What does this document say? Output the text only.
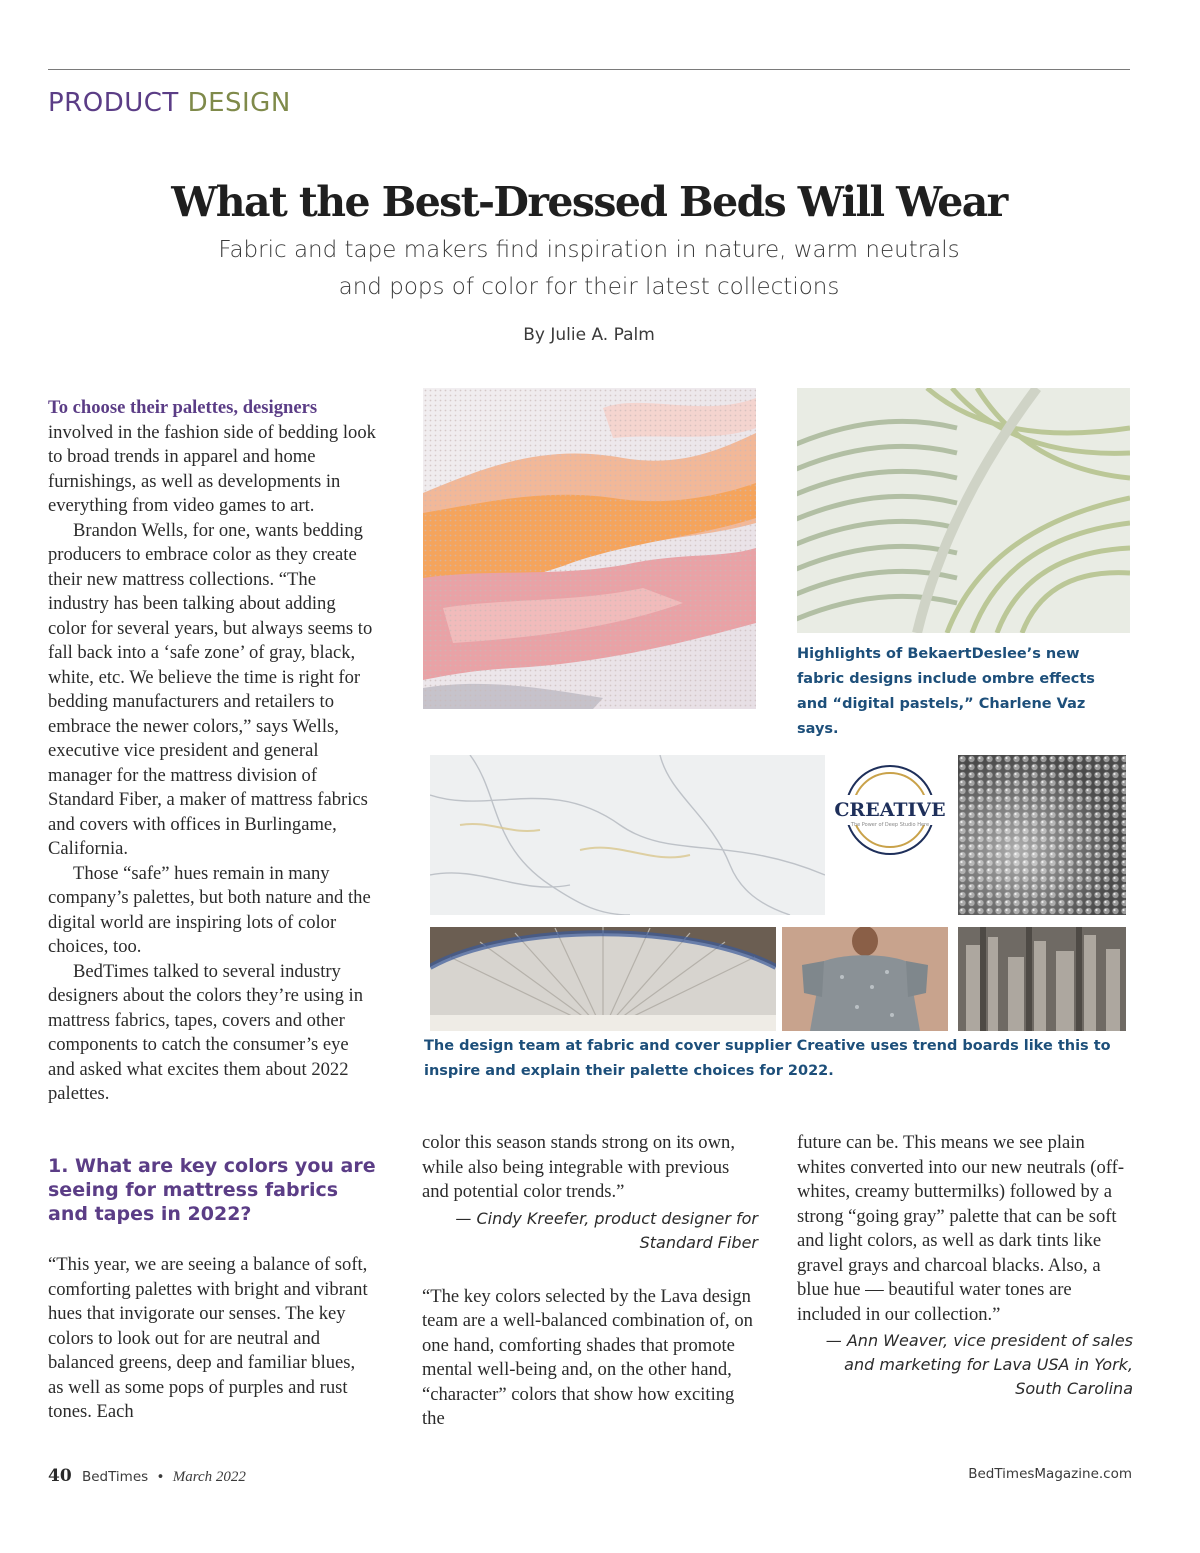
PRODUCT DESIGN
What the Best-Dressed Beds Will Wear
Fabric and tape makers find inspiration in nature, warm neutrals and pops of color for their latest collections
By Julie A. Palm

To choose their palettes, designers involved in the fashion side of bedding look to broad trends in apparel and home furnishings, as well as developments in everything from video games to art.

Brandon Wells, for one, wants bedding producers to embrace color as they create their new mattress collections. “The industry has been talking about adding color for several years, but always seems to fall back into a ‘safe zone’ of gray, black, white, etc. We believe the time is right for bedding manufacturers and retailers to embrace the newer colors,” says Wells, executive vice president and general manager for the mattress division of Standard Fiber, a maker of mattress fabrics and covers with offices in Burlingame, California.

Those “safe” hues remain in many company’s palettes, but both nature and the digital world are inspiring lots of color choices, too.

BedTimes talked to several industry designers about the colors they’re using in mattress fabrics, tapes, covers and other components to catch the consumer’s eye and asked what excites them about 2022 palettes.

1. What are key colors you are seeing for mattress fabrics and tapes in 2022?

“This year, we are seeing a balance of soft, comforting palettes with bright and vibrant hues that invigorate our senses. The key colors to look out for are neutral and balanced greens, deep and familiar blues, as well as some pops of purples and rust tones. Each

color this season stands strong on its own, while also being integrable with previous and potential color trends.”

— Cindy Kreefer, product designer for Standard Fiber

“The key colors selected by the Lava design team are a well-balanced combination of, on one hand, comforting shades that promote mental well-being and, on the other hand, “character” colors that show how exciting the

future can be. This means we see plain whites converted into our new neutrals (off-whites, creamy buttermilks) followed by a strong “going gray” palette that can be soft and light colors, as well as dark tints like gravel grays and charcoal blacks. Also, a blue hue — beautiful water tones are included in our collection.”

— Ann Weaver, vice president of sales and marketing for Lava USA in York, South Carolina
Highlights of BekaertDeslee’s new fabric designs include ombre effects and “digital pastels,” Charlene Vaz says.
CREATIVE
The Power of Deep Studio Here
The design team at fabric and cover supplier Creative uses trend boards like this to inspire and explain their palette choices for 2022.
40 BedTimes • March 2022	BedTimesMagazine.com
